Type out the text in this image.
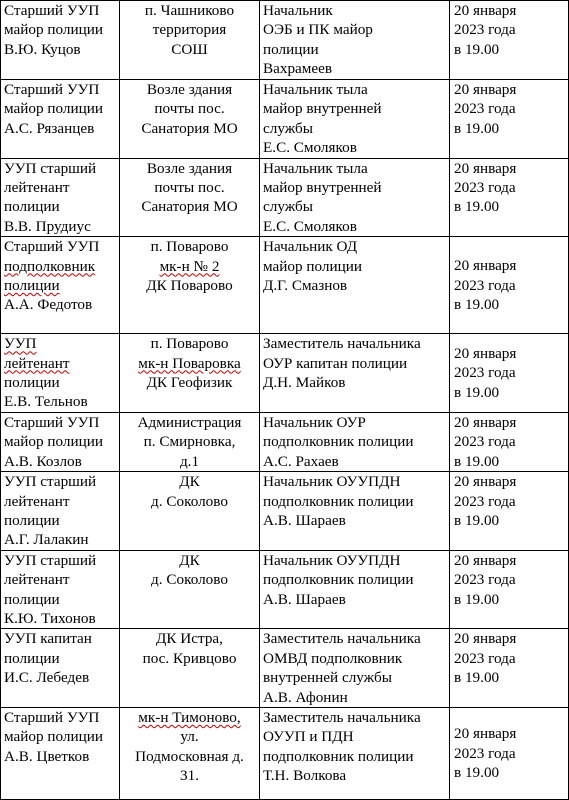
Старший УУП
майор полиции
В.Ю. Куцов	п. Чашниково
территория
СОШ	Начальник
ОЭБ и ПК майор
полиции
Вахрамеев	20 января
2023 года
в 19.00

Старший УУП
майор полиции
А.С. Рязанцев	Возле здания
почты пос.
Санатория МО	Начальник тыла
майор внутренней
службы
Е.С. Смоляков	20 января
2023 года
в 19.00

УУП старший
лейтенант
полиции
В.В. Прудиус	Возле здания
почты пос.
Санатория МО	Начальник тыла
майор внутренней
службы
Е.С. Смоляков	20 января
2023 года
в 19.00

Старший УУП
подполковник
полиции
А.А. Федотов	п. Поварово
мк-н № 2
ДК Поварово	Начальник ОД
майор полиции
Д.Г. Смазнов	20 января
2023 года
в 19.00

УУП
лейтенант
полиции
Е.В. Тельнов	п. Поварово
мк-н Поваровка
ДК Геофизик	Заместитель начальника
ОУР капитан полиции
Д.Н. Майков	20 января
2023 года
в 19.00

Старший УУП
майор полиции
А.В. Козлов	Администрация
п. Смирновка,
д.1	Начальник ОУР
подполковник полиции
А.С. Рахаев	20 января
2023 года
в 19.00

УУП старший
лейтенант
полиции
А.Г. Лалакин	ДК
д. Соколово	Начальник ОУУПДН
подполковник полиции
А.В. Шараев	20 января
2023 года
в 19.00

УУП старший
лейтенант
полиции
К.Ю. Тихонов	ДК
д. Соколово	Начальник ОУУПДН
подполковник полиции
А.В. Шараев	20 января
2023 года
в 19.00

УУП капитан
полиции
И.С. Лебедев	ДК Истра,
пос. Кривцово	Заместитель начальника
ОМВД подполковник
внутренней службы
А.В. Афонин	20 января
2023 года
в 19.00

Старший УУП
майор полиции
А.В. Цветков	мк-н Тимоново,
ул.
Подмосковная д.
31.	Заместитель начальника
ОУУП и ПДН
подполковник полиции
Т.Н. Волкова	20 января
2023 года
в 19.00
